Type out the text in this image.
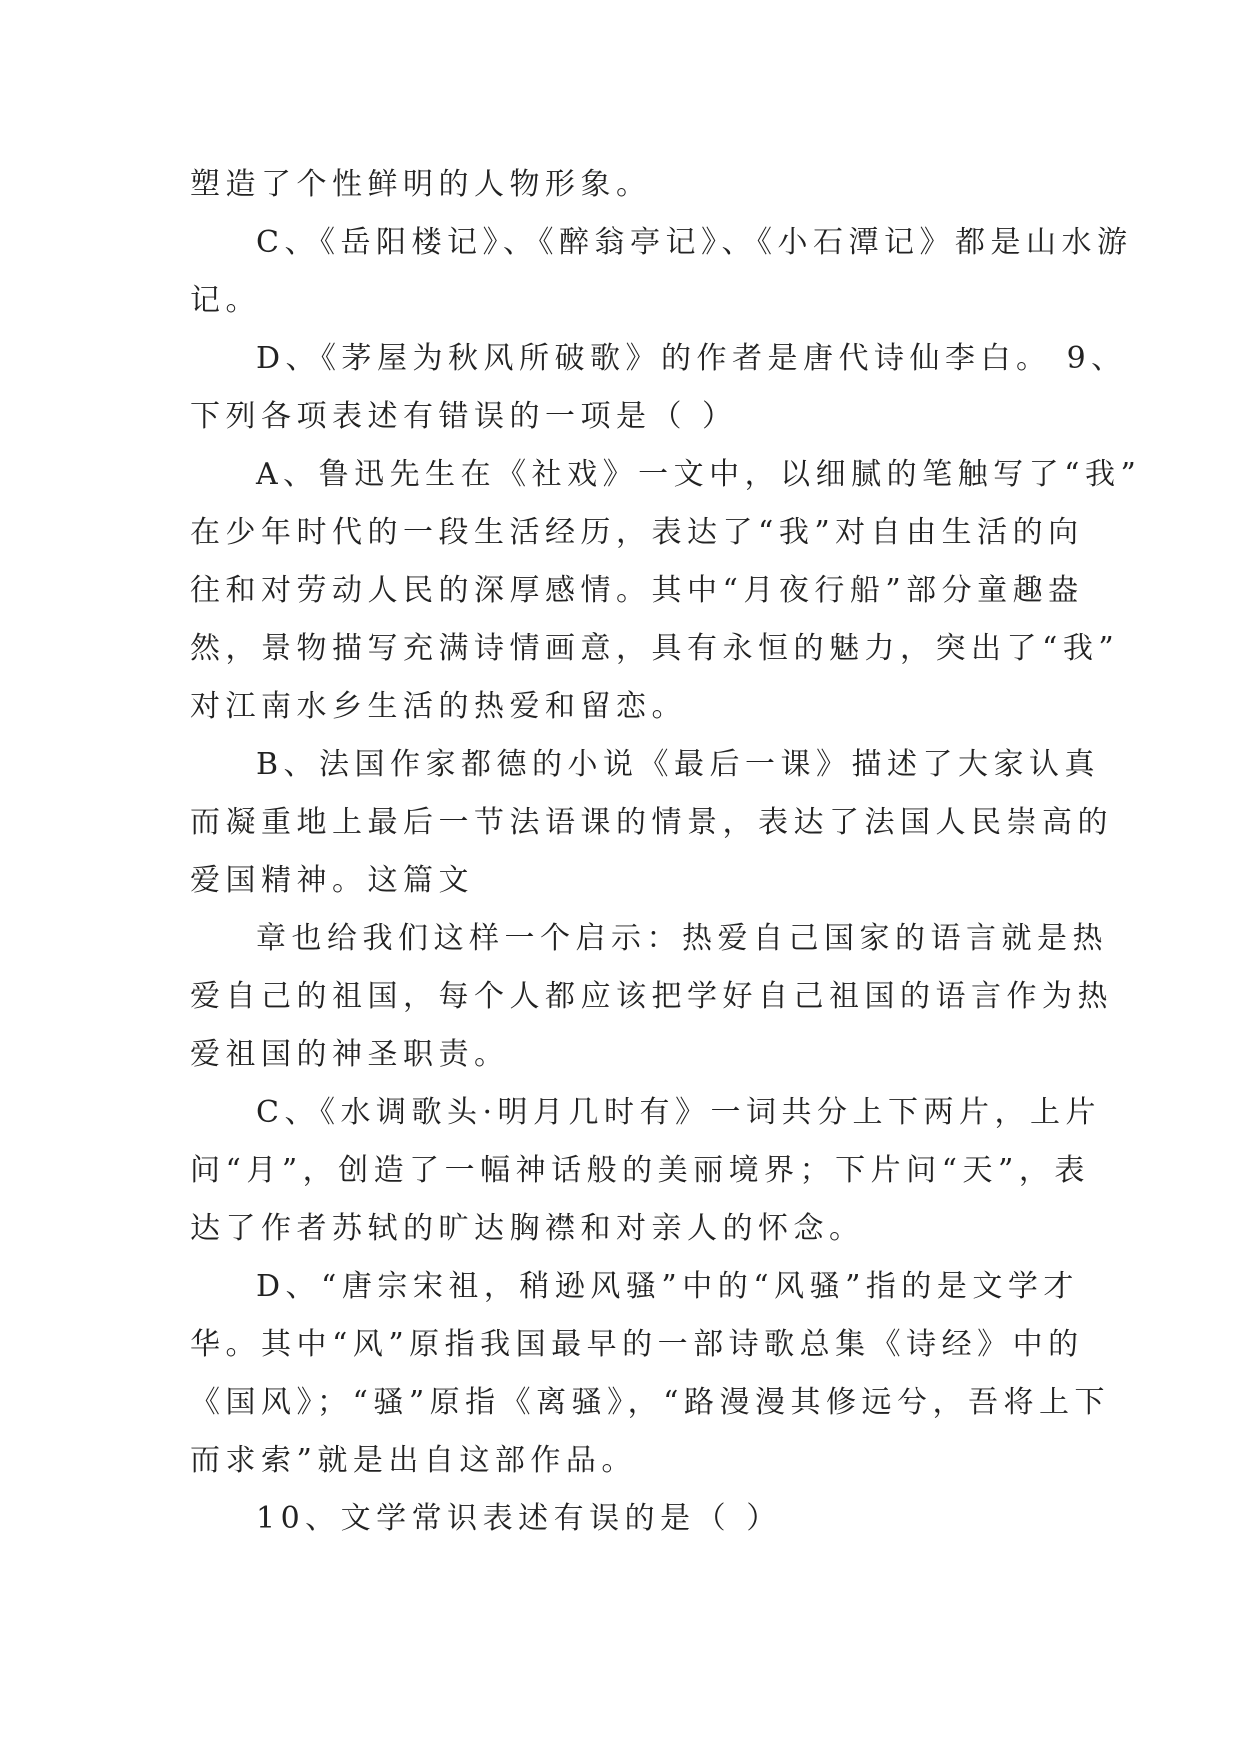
塑造了个性鲜明的人物形象。
C、《岳阳楼记》、《醉翁亭记》、《小石潭记》都是山水游
记。
D、《茅屋为秋风所破歌》的作者是唐代诗仙李白。 9、
下列各项表述有错误的一项是（ ）
A、鲁迅先生在《社戏》一文中，以细腻的笔触写了“我”
在少年时代的一段生活经历，表达了“我”对自由生活的向
往和对劳动人民的深厚感情。其中“月夜行船”部分童趣盎
然，景物描写充满诗情画意，具有永恒的魅力，突出了“我”
对江南水乡生活的热爱和留恋。
B、法国作家都德的小说《最后一课》描述了大家认真
而凝重地上最后一节法语课的情景，表达了法国人民崇高的
爱国精神。这篇文
章也给我们这样一个启示：热爱自己国家的语言就是热
爱自己的祖国，每个人都应该把学好自己祖国的语言作为热
爱祖国的神圣职责。
C、《水调歌头·明月几时有》一词共分上下两片，上片
问“月”，创造了一幅神话般的美丽境界；下片问“天”，表
达了作者苏轼的旷达胸襟和对亲人的怀念。
D、“唐宗宋祖，稍逊风骚”中的“风骚”指的是文学才
华。其中“风”原指我国最早的一部诗歌总集《诗经》中的
《国风》；“骚”原指《离骚》，“路漫漫其修远兮，吾将上下
而求索”就是出自这部作品。
10、文学常识表述有误的是（ ）
